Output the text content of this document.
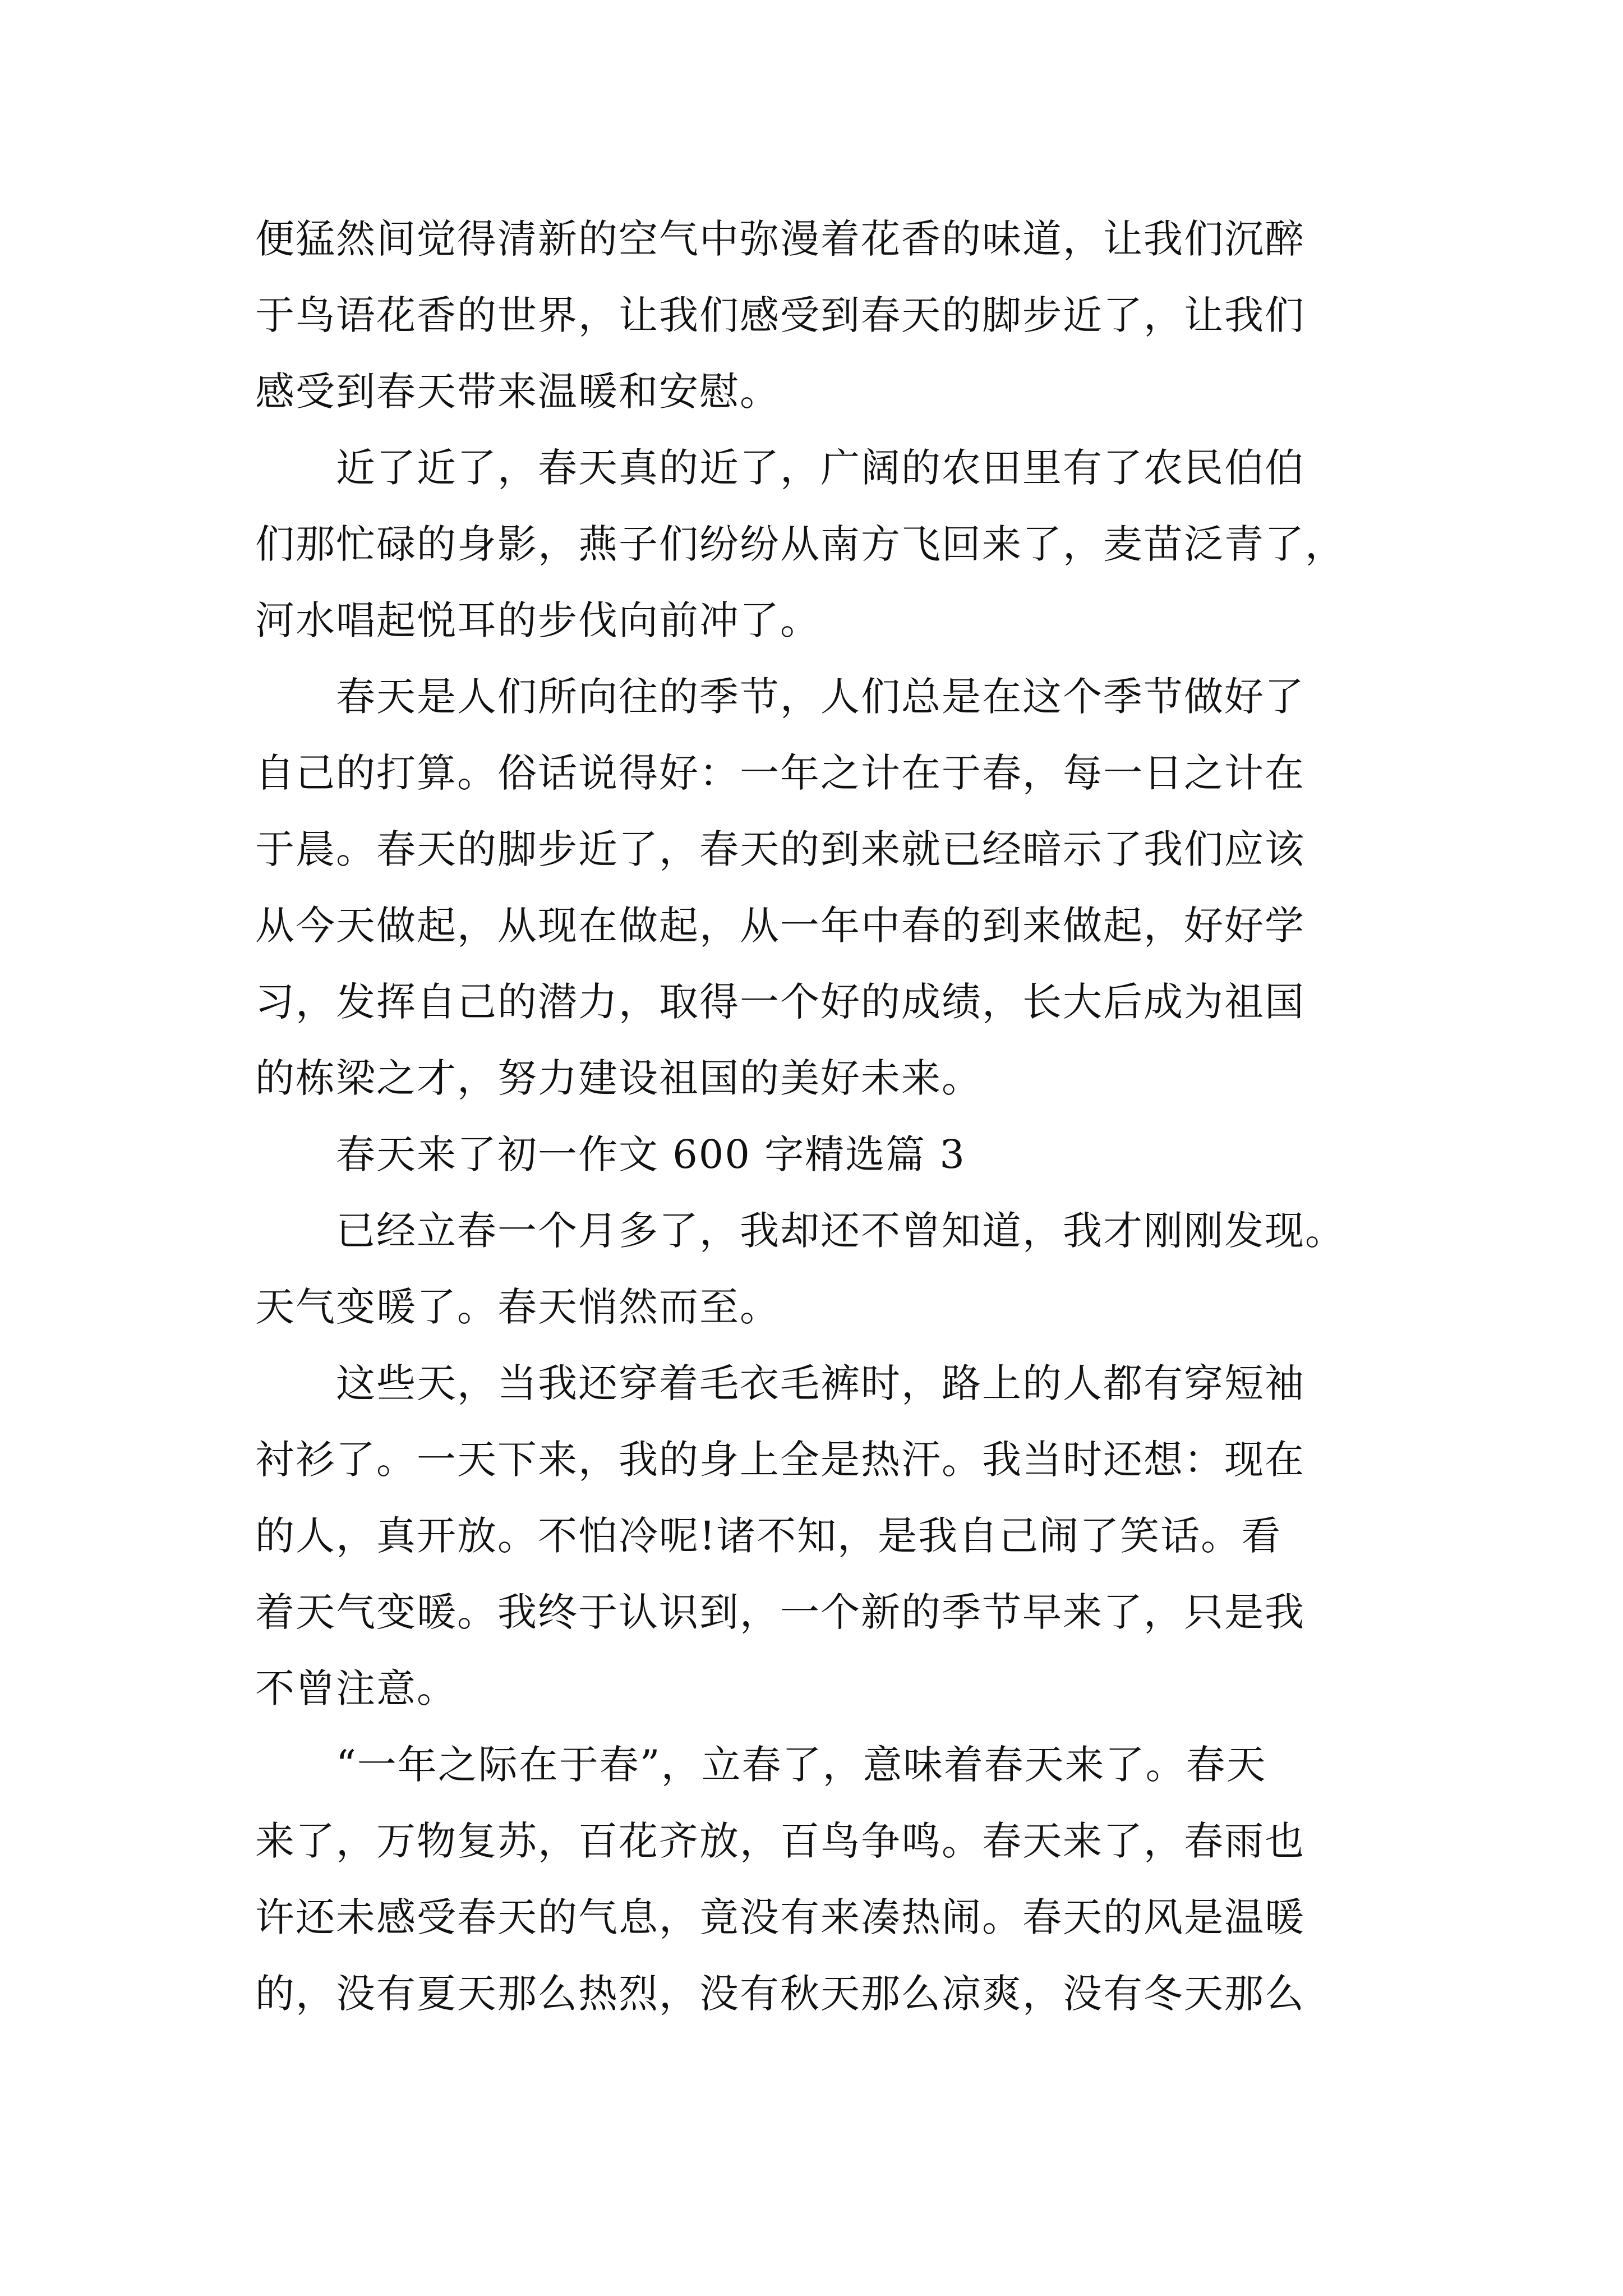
便猛然间觉得清新的空气中弥漫着花香的味道，让我们沉醉

于鸟语花香的世界，让我们感受到春天的脚步近了，让我们

感受到春天带来温暖和安慰。

　　近了近了，春天真的近了，广阔的农田里有了农民伯伯

们那忙碌的身影，燕子们纷纷从南方飞回来了，麦苗泛青了，

河水唱起悦耳的步伐向前冲了。

　　春天是人们所向往的季节，人们总是在这个季节做好了

自己的打算。俗话说得好：一年之计在于春，每一日之计在

于晨。春天的脚步近了，春天的到来就已经暗示了我们应该

从今天做起，从现在做起，从一年中春的到来做起，好好学

习，发挥自己的潜力，取得一个好的成绩，长大后成为祖国

的栋梁之才，努力建设祖国的美好未来。

　　春天来了初一作文 600 字精选篇 3

　　已经立春一个月多了，我却还不曾知道，我才刚刚发现。

天气变暖了。春天悄然而至。

　　这些天，当我还穿着毛衣毛裤时，路上的人都有穿短袖

衬衫了。一天下来，我的身上全是热汗。我当时还想：现在

的人，真开放。不怕冷呢!诸不知，是我自己闹了笑话。看

着天气变暖。我终于认识到，一个新的季节早来了，只是我

不曾注意。

　　“一年之际在于春”，立春了，意味着春天来了。春天

来了，万物复苏，百花齐放，百鸟争鸣。春天来了，春雨也

许还未感受春天的气息，竟没有来凑热闹。春天的风是温暖

的，没有夏天那么热烈，没有秋天那么凉爽，没有冬天那么
